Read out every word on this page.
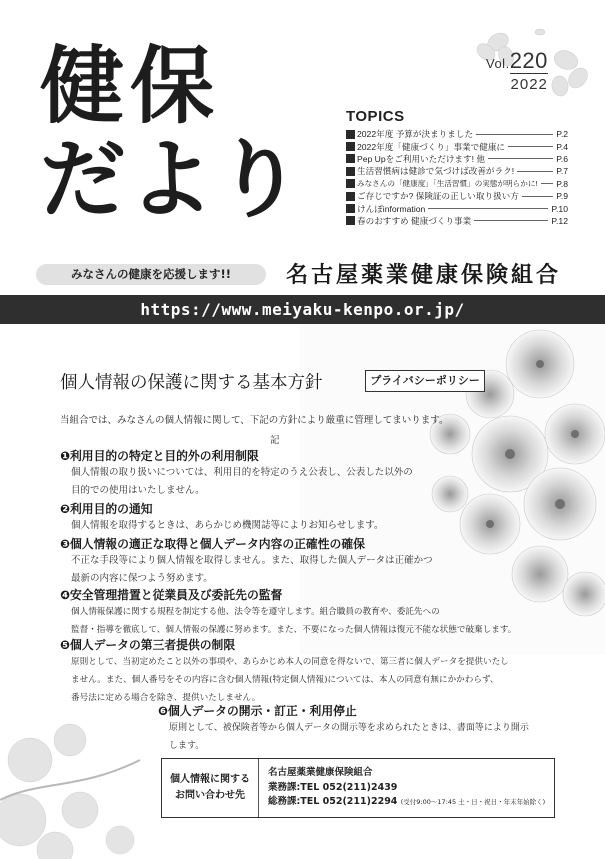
健保
だより
Vol.220
2022
TOPICS
2022年度 予算が決まりました	P.2
2022年度「健康づくり」事業で健康に	P.4
Pep Upをご利用いただけます! 他	P.6
生活習慣病は健診で気づけば改善がラク!	P.7
みなさんの「健康度」「生活習慣」の実態が明らかに! P.8
ご存じですか? 保険証の正しい取り扱い方	P.9
けんぽinformation	P.10
春のおすすめ 健康づくり事業	P.12
みなさんの健康を応援します!!	名古屋薬業健康保険組合
https://www.meiyaku-kenpo.or.jp/
個人情報の保護に関する基本方針	プライバシーポリシー
当組合では、みなさんの個人情報に関して、下記の方針により厳重に管理してまいります。
記
❶利用目的の特定と目的外の利用制限
個人情報の取り扱いについては、利用目的を特定のうえ公表し、公表した以外の
目的での使用はいたしません。
❷利用目的の通知
個人情報を取得するときは、あらかじめ機関誌等によりお知らせします。
❸個人情報の適正な取得と個人データ内容の正確性の確保
不正な手段等により個人情報を取得しません。また、取得した個人データは正確かつ
最新の内容に保つよう努めます。
❹安全管理措置と従業員及び委託先の監督
個人情報保護に関する規程を制定する他、法令等を遵守します。組合職員の教育や、委託先への
監督・指導を徹底して、個人情報の保護に努めます。また、不要になった個人情報は復元不能な状態で破棄します。
❺個人データの第三者提供の制限
原則として、当初定めたこと以外の事項や、あらかじめ本人の同意を得ないで、第三者に個人データを提供いたし
ません。また、個人番号をその内容に含む個人情報(特定個人情報)については、本人の同意有無にかかわらず、
番号法に定める場合を除き、提供いたしません。
❻個人データの開示・訂正・利用停止
原則として、被保険者等から個人データの開示等を求められたときは、書面等により開示
します。
個人情報に関する
お問い合わせ先
名古屋薬業健康保険組合
業務課:TEL 052(211)2439
総務課:TEL 052(211)2294 (受付9:00〜17:45 土・日・祝日・年末年始除く)
